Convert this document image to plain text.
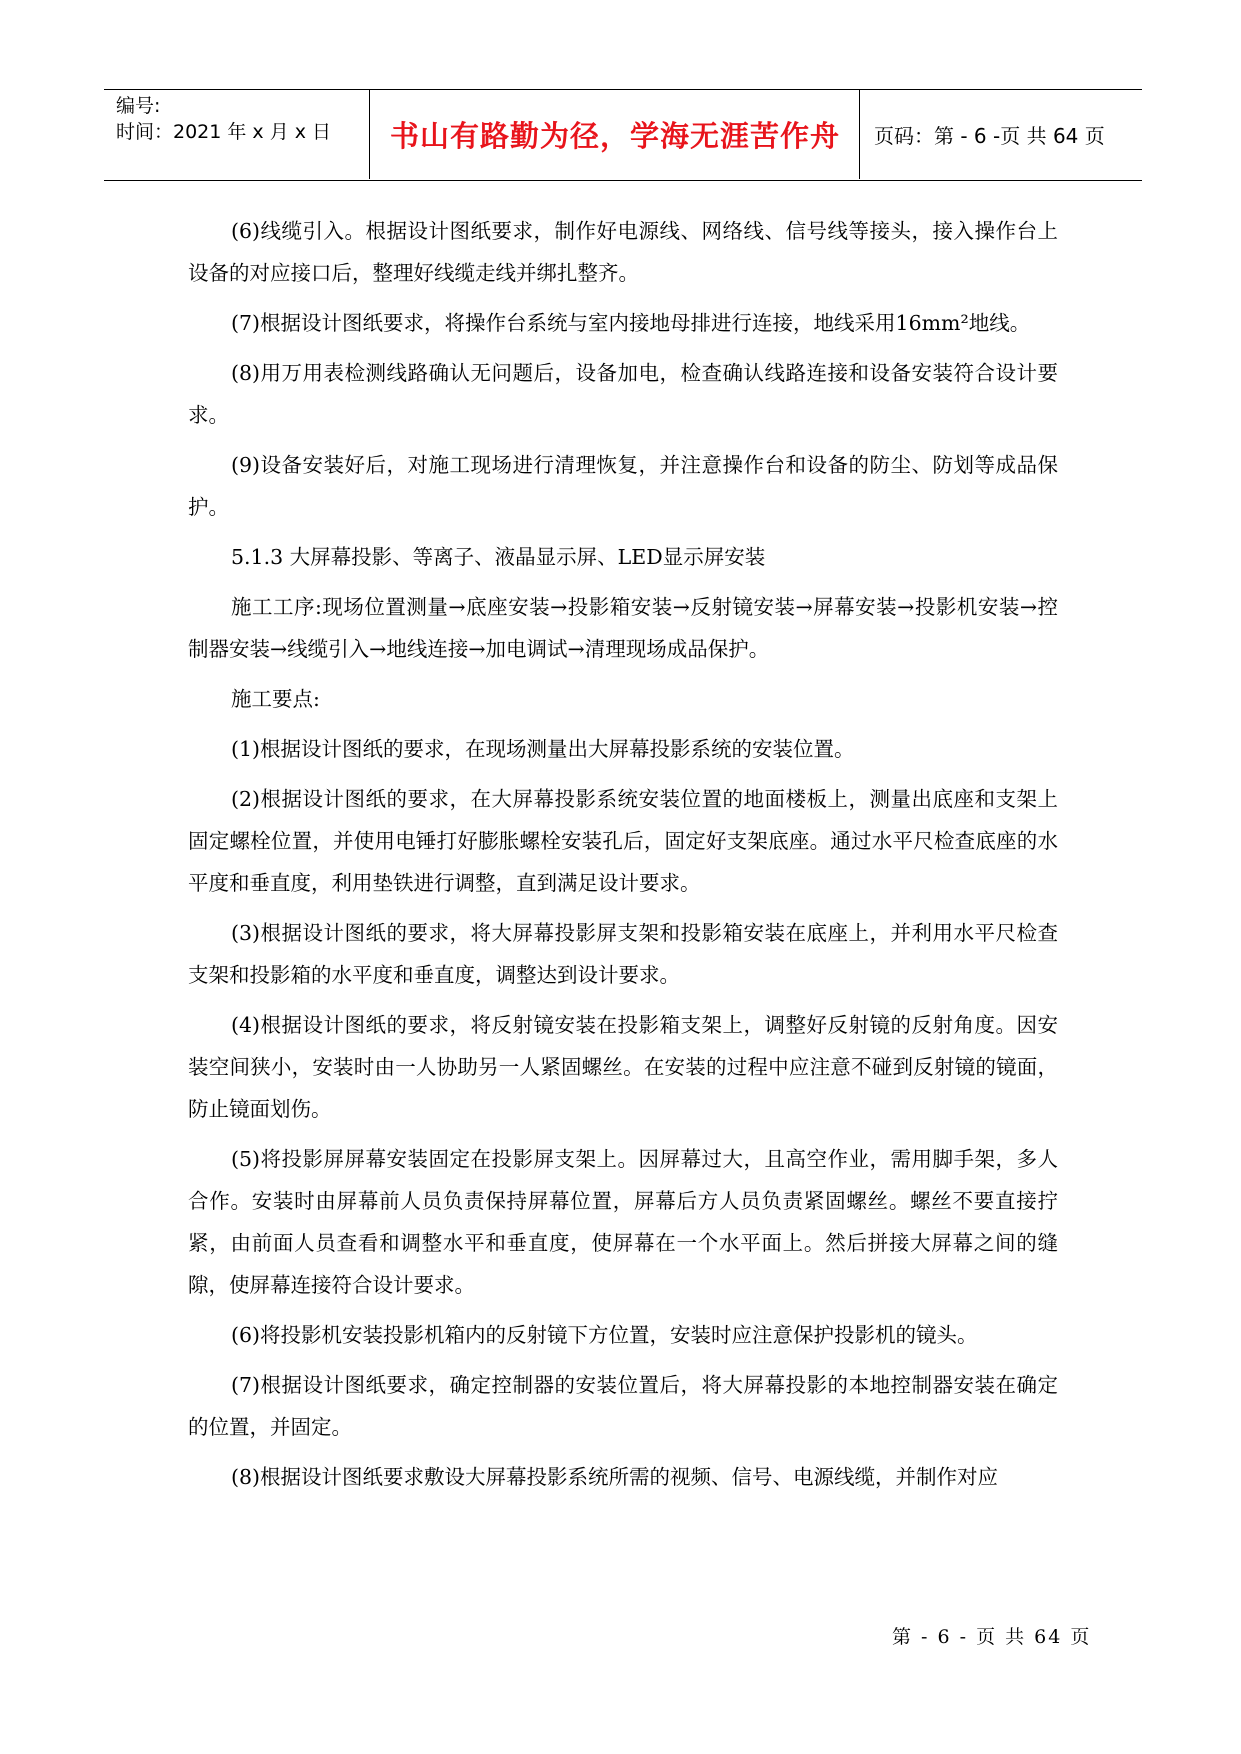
编号:
时间：2021 年 x 月 x 日	书山有路勤为径，学海无涯苦作舟	页码：第 - 6 -页 共 64 页

(6)线缆引入。根据设计图纸要求，制作好电源线、网络线、信号线等接头，接入操作台上设备的对应接口后，整理好线缆走线并绑扎整齐。

(7)根据设计图纸要求，将操作台系统与室内接地母排进行连接，地线采用16mm²地线。

(8)用万用表检测线路确认无问题后，设备加电，检查确认线路连接和设备安装符合设计要求。

(9)设备安装好后，对施工现场进行清理恢复，并注意操作台和设备的防尘、防划等成品保护。

5.1.3 大屏幕投影、等离子、液晶显示屏、LED显示屏安装

施工工序:现场位置测量→底座安装→投影箱安装→反射镜安装→屏幕安装→投影机安装→控制器安装→线缆引入→地线连接→加电调试→清理现场成品保护。

施工要点:

(1)根据设计图纸的要求，在现场测量出大屏幕投影系统的安装位置。

(2)根据设计图纸的要求，在大屏幕投影系统安装位置的地面楼板上，测量出底座和支架上固定螺栓位置，并使用电锤打好膨胀螺栓安装孔后，固定好支架底座。通过水平尺检查底座的水平度和垂直度，利用垫铁进行调整，直到满足设计要求。

(3)根据设计图纸的要求，将大屏幕投影屏支架和投影箱安装在底座上，并利用水平尺检查支架和投影箱的水平度和垂直度，调整达到设计要求。

(4)根据设计图纸的要求，将反射镜安装在投影箱支架上，调整好反射镜的反射角度。因安装空间狭小，安装时由一人协助另一人紧固螺丝。在安装的过程中应注意不碰到反射镜的镜面，防止镜面划伤。

(5)将投影屏屏幕安装固定在投影屏支架上。因屏幕过大，且高空作业，需用脚手架，多人合作。安装时由屏幕前人员负责保持屏幕位置，屏幕后方人员负责紧固螺丝。螺丝不要直接拧紧，由前面人员查看和调整水平和垂直度，使屏幕在一个水平面上。然后拼接大屏幕之间的缝隙，使屏幕连接符合设计要求。

(6)将投影机安装投影机箱内的反射镜下方位置，安装时应注意保护投影机的镜头。

(7)根据设计图纸要求，确定控制器的安装位置后，将大屏幕投影的本地控制器安装在确定的位置，并固定。

(8)根据设计图纸要求敷设大屏幕投影系统所需的视频、信号、电源线缆，并制作对应

第 - 6 - 页 共 64 页
